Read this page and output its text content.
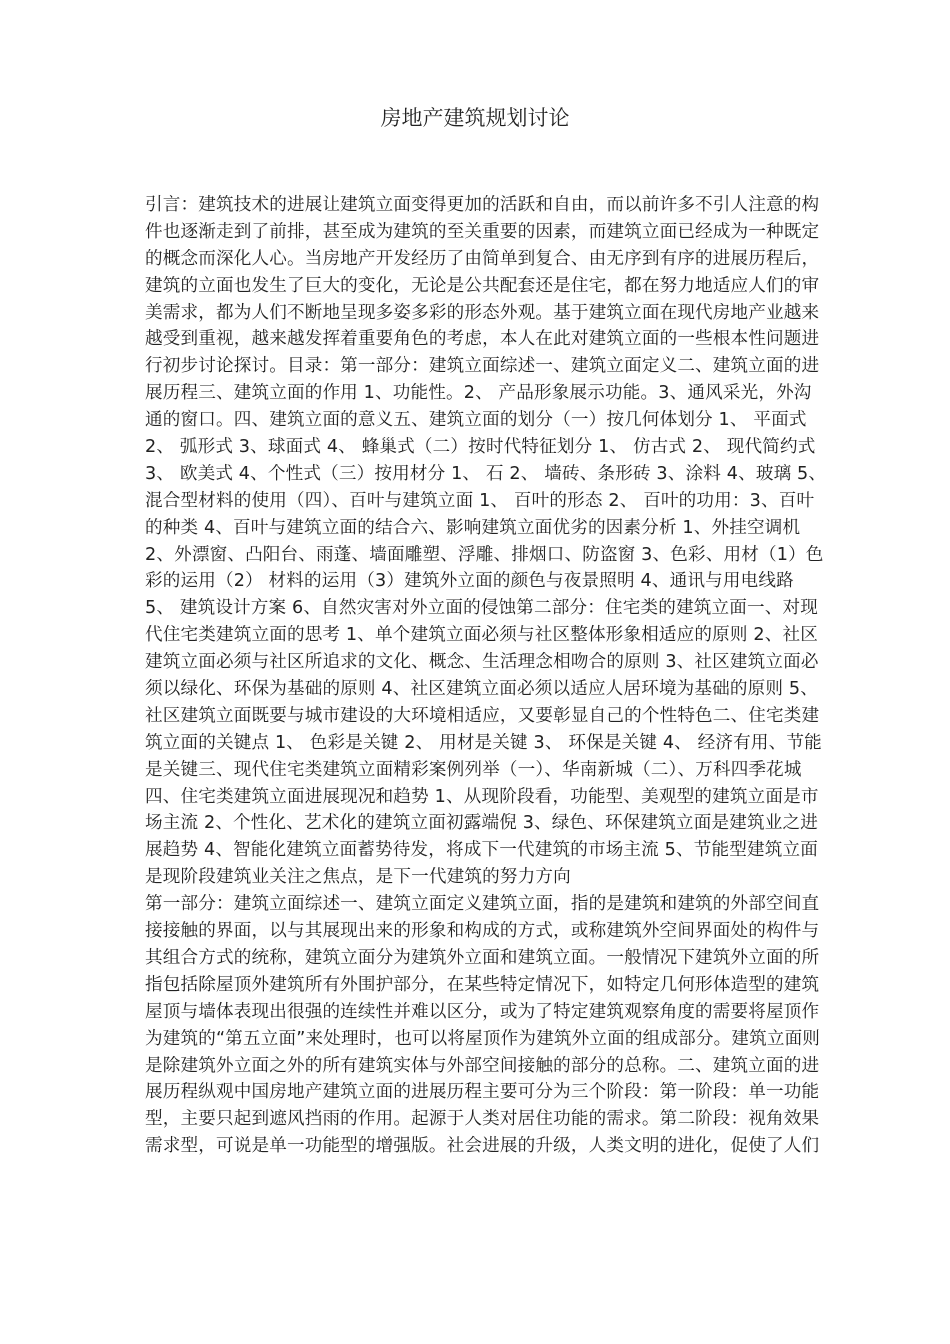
房地产建筑规划讨论
引言：建筑技术的进展让建筑立面变得更加的活跃和自由，而以前许多不引人注意的构
件也逐渐走到了前排，甚至成为建筑的至关重要的因素，而建筑立面已经成为一种既定
的概念而深化人心。当房地产开发经历了由简单到复合、由无序到有序的进展历程后，
建筑的立面也发生了巨大的变化，无论是公共配套还是住宅，都在努力地适应人们的审
美需求，都为人们不断地呈现多姿多彩的形态外观。基于建筑立面在现代房地产业越来
越受到重视，越来越发挥着重要角色的考虑，本人在此对建筑立面的一些根本性问题进
行初步讨论探讨。目录：第一部分：建筑立面综述一、建筑立面定义二、建筑立面的进
展历程三、建筑立面的作用 1、功能性。2、 产品形象展示功能。3、通风采光，外沟
通的窗口。四、建筑立面的意义五、建筑立面的划分（一）按几何体划分 1、 平面式
2、 弧形式 3、球面式 4、 蜂巢式（二）按时代特征划分 1、 仿古式 2、 现代简约式
3、 欧美式 4、个性式（三）按用材分 1、 石 2、 墙砖、条形砖 3、涂料 4、玻璃 5、
混合型材料的使用（四）、百叶与建筑立面 1、 百叶的形态 2、 百叶的功用：3、百叶
的种类 4、百叶与建筑立面的结合六、影响建筑立面优劣的因素分析 1、外挂空调机
2、外漂窗、凸阳台、雨蓬、墙面雕塑、浮雕、排烟口、防盗窗 3、色彩、用材（1）色
彩的运用（2） 材料的运用（3）建筑外立面的颜色与夜景照明 4、通讯与用电线路
5、 建筑设计方案 6、自然灾害对外立面的侵蚀第二部分：住宅类的建筑立面一、对现
代住宅类建筑立面的思考 1、单个建筑立面必须与社区整体形象相适应的原则 2、社区
建筑立面必须与社区所追求的文化、概念、生活理念相吻合的原则 3、社区建筑立面必
须以绿化、环保为基础的原则 4、社区建筑立面必须以适应人居环境为基础的原则 5、
社区建筑立面既要与城市建设的大环境相适应，又要彰显自己的个性特色二、住宅类建
筑立面的关键点 1、 色彩是关键 2、 用材是关键 3、 环保是关键 4、 经济有用、节能
是关键三、现代住宅类建筑立面精彩案例列举（一）、华南新城（二）、万科四季花城
四、住宅类建筑立面进展现况和趋势 1、从现阶段看，功能型、美观型的建筑立面是市
场主流 2、个性化、艺术化的建筑立面初露端倪 3、绿色、环保建筑立面是建筑业之进
展趋势 4、智能化建筑立面蓄势待发，将成下一代建筑的市场主流 5、节能型建筑立面
是现阶段建筑业关注之焦点，是下一代建筑的努力方向
第一部分：建筑立面综述一、建筑立面定义建筑立面，指的是建筑和建筑的外部空间直
接接触的界面，以与其展现出来的形象和构成的方式，或称建筑外空间界面处的构件与
其组合方式的统称，建筑立面分为建筑外立面和建筑立面。一般情况下建筑外立面的所
指包括除屋顶外建筑所有外围护部分，在某些特定情况下，如特定几何形体造型的建筑
屋顶与墙体表现出很强的连续性并难以区分，或为了特定建筑观察角度的需要将屋顶作
为建筑的“第五立面”来处理时，也可以将屋顶作为建筑外立面的组成部分。建筑立面则
是除建筑外立面之外的所有建筑实体与外部空间接触的部分的总称。二、建筑立面的进
展历程纵观中国房地产建筑立面的进展历程主要可分为三个阶段：第一阶段：单一功能
型，主要只起到遮风挡雨的作用。起源于人类对居住功能的需求。第二阶段：视角效果
需求型，可说是单一功能型的增强版。社会进展的升级，人类文明的进化，促使了人们
